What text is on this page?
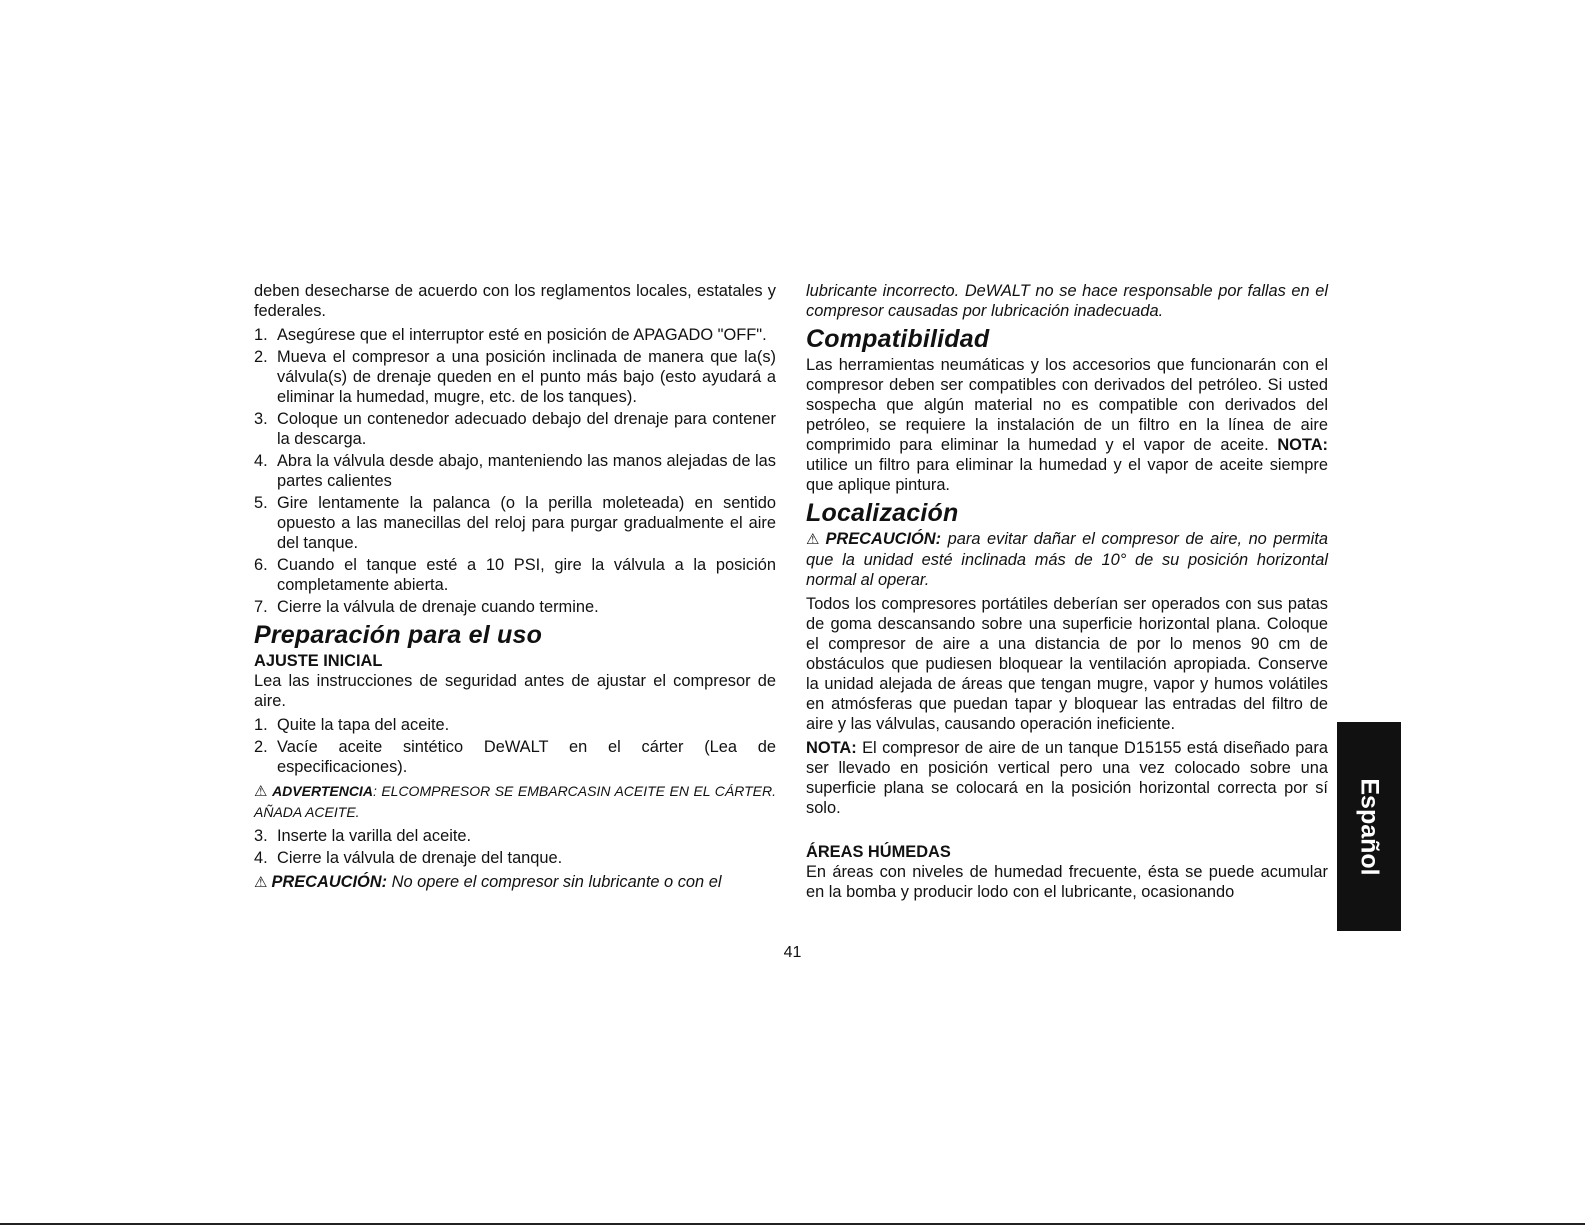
deben desecharse de acuerdo con los reglamentos locales, estatales y federales.

1. Asegúrese que el interruptor esté en posición de APAGADO "OFF".
2. Mueva el compresor a una posición inclinada de manera que la(s) válvula(s) de drenaje queden en el punto más bajo (esto ayudará a eliminar la humedad, mugre, etc. de los tanques).
3. Coloque un contenedor adecuado debajo del drenaje para contener la descarga.
4. Abra la válvula desde abajo, manteniendo las manos alejadas de las partes calientes
5. Gire lentamente la palanca (o la perilla moleteada) en sentido opuesto a las manecillas del reloj para purgar gradualmente el aire del tanque.
6. Cuando el tanque esté a 10 PSI, gire la válvula a la posición completamente abierta.
7. Cierre la válvula de drenaje cuando termine.
Preparación para el uso
AJUSTE INICIAL

Lea las instrucciones de seguridad antes de ajustar el compresor de aire.

1. Quite la tapa del aceite.
2. Vacíe aceite sintético DeWALT en el cárter (Lea de especificaciones).

⚠ ADVERTENCIA: ELCOMPRESOR SE EMBARCASIN ACEITE EN EL CÁRTER. AÑADA ACEITE.

3. Inserte la varilla del aceite.
4. Cierre la válvula de drenaje del tanque.

⚠ PRECAUCIÓN: No opere el compresor sin lubricante o con el

lubricante incorrecto. DeWALT no se hace responsable por fallas en el compresor causadas por lubricación inadecuada.

Compatibilidad

Las herramientas neumáticas y los accesorios que funcionarán con el compresor deben ser compatibles con derivados del petróleo. Si usted sospecha que algún material no es compatible con derivados del petróleo, se requiere la instalación de un filtro en la línea de aire comprimido para eliminar la humedad y el vapor de aceite. NOTA: utilice un filtro para eliminar la humedad y el vapor de aceite siempre que aplique pintura.

Localización

⚠ PRECAUCIÓN: para evitar dañar el compresor de aire, no permita que la unidad esté inclinada más de 10° de su posición horizontal normal al operar.

Todos los compresores portátiles deberían ser operados con sus patas de goma descansando sobre una superficie horizontal plana. Coloque el compresor de aire a una distancia de por lo menos 90 cm de obstáculos que pudiesen bloquear la ventilación apropiada. Conserve la unidad alejada de áreas que tengan mugre, vapor y humos volátiles en atmósferas que puedan tapar y bloquear las entradas del filtro de aire y las válvulas, causando operación ineficiente.

NOTA: El compresor de aire de un tanque D15155 está diseñado para ser llevado en posición vertical pero una vez colocado sobre una superficie plana se colocará en la posición horizontal correcta por sí solo.

ÁREAS HÚMEDAS

En áreas con niveles de humedad frecuente, ésta se puede acumular en la bomba y producir lodo con el lubricante, ocasionando

41
Español
